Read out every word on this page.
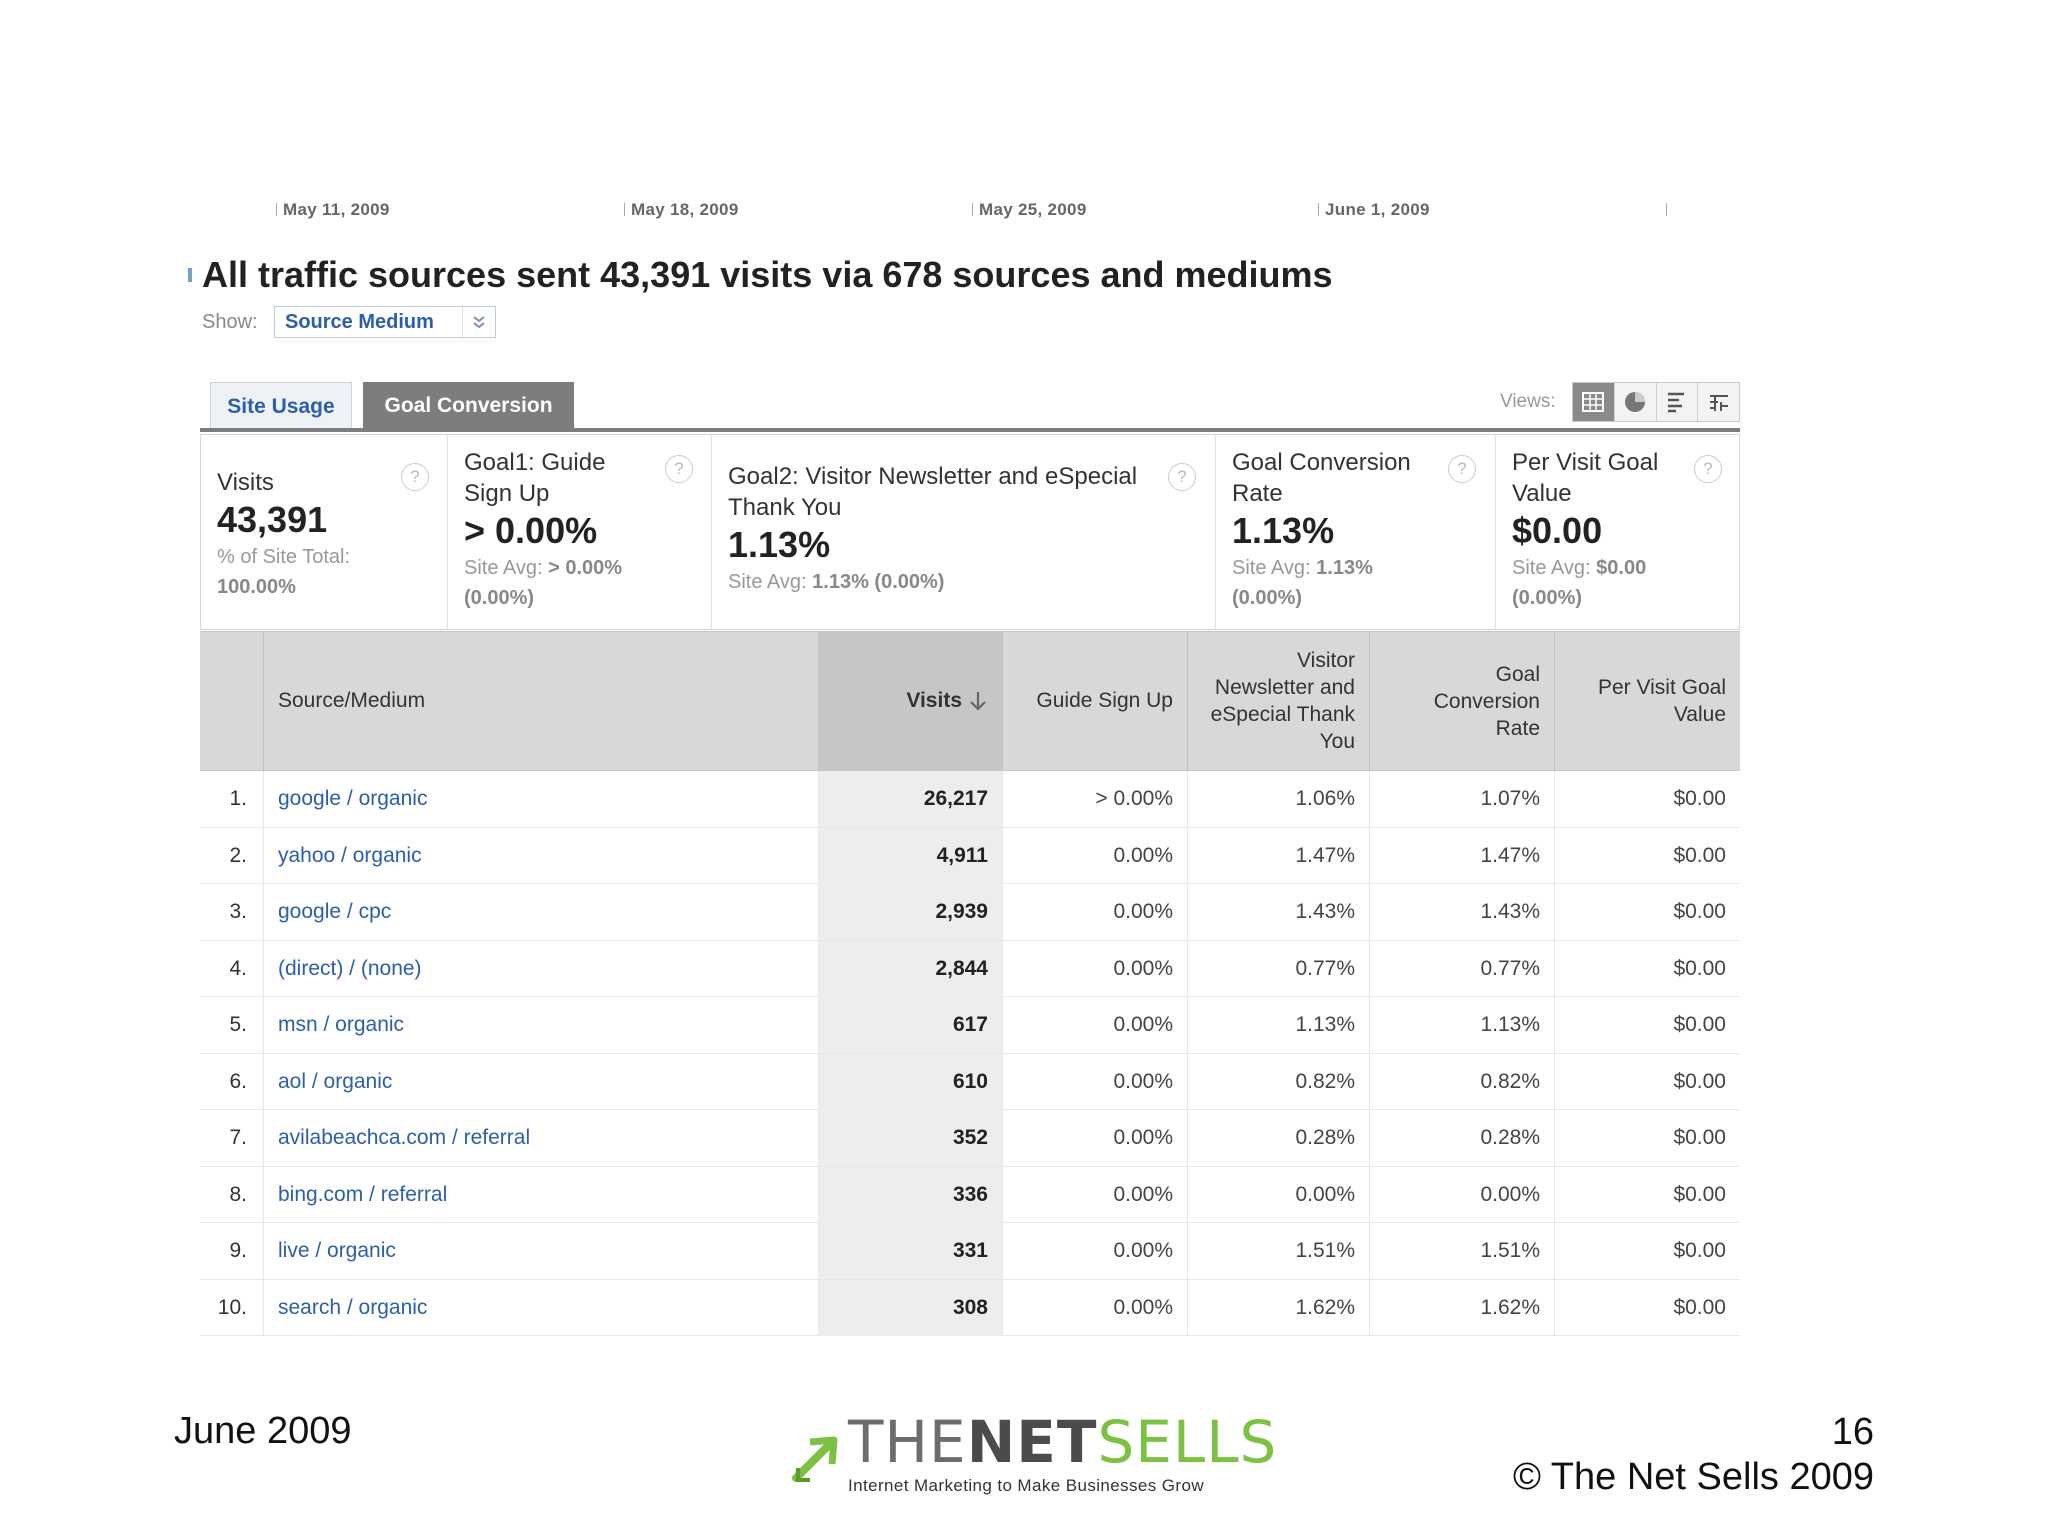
May 11, 2009	May 18, 2009	May 25, 2009	June 1, 2009
All traffic sources sent 43,391 visits via 678 sources and mediums
Show: Source Medium
Site Usage	Goal Conversion	Views:
Visits
43,391
% of Site Total:
100.00%
?
Goal1: Guide Sign Up
> 0.00%
Site Avg: > 0.00%
(0.00%)
?	Goal2: Visitor Newsletter and eSpecial Thank You
1.13%
Site Avg: 1.13% (0.00%)
?
Goal Conversion Rate
1.13%
Site Avg: 1.13%
(0.00%)
?	Per Visit Goal Value
$0.00
Site Avg: $0.00
(0.00%)
?
Source/Medium	Visits	Guide Sign Up
Visitor Newsletter and eSpecial Thank You
Goal Conversion Rate
Per Visit Goal Value
1.	google / organic	26,217	> 0.00%	1.06%	1.07%	$0.00
2.	yahoo / organic	4,911	0.00%	1.47%	1.47%	$0.00
3.	google / cpc	2,939	0.00%	1.43%	1.43%	$0.00
4.	(direct) / (none)	2,844	0.00%	0.77%	0.77%	$0.00
5.	msn / organic	617	0.00%	1.13%	1.13%	$0.00
6.	aol / organic	610	0.00%	0.82%	0.82%	$0.00
7.	avilabeachca.com / referral	352	0.00%	0.28%	0.28%	$0.00
8.	bing.com / referral	336	0.00%	0.00%	0.00%	$0.00
9.	live / organic	331	0.00%	1.51%	1.51%	$0.00
10.	search / organic	308	0.00%	1.62%	1.62%	$0.00
June 2009	16
© The Net Sells 2009
THENETSELLS
Internet Marketing to Make Businesses Grow
